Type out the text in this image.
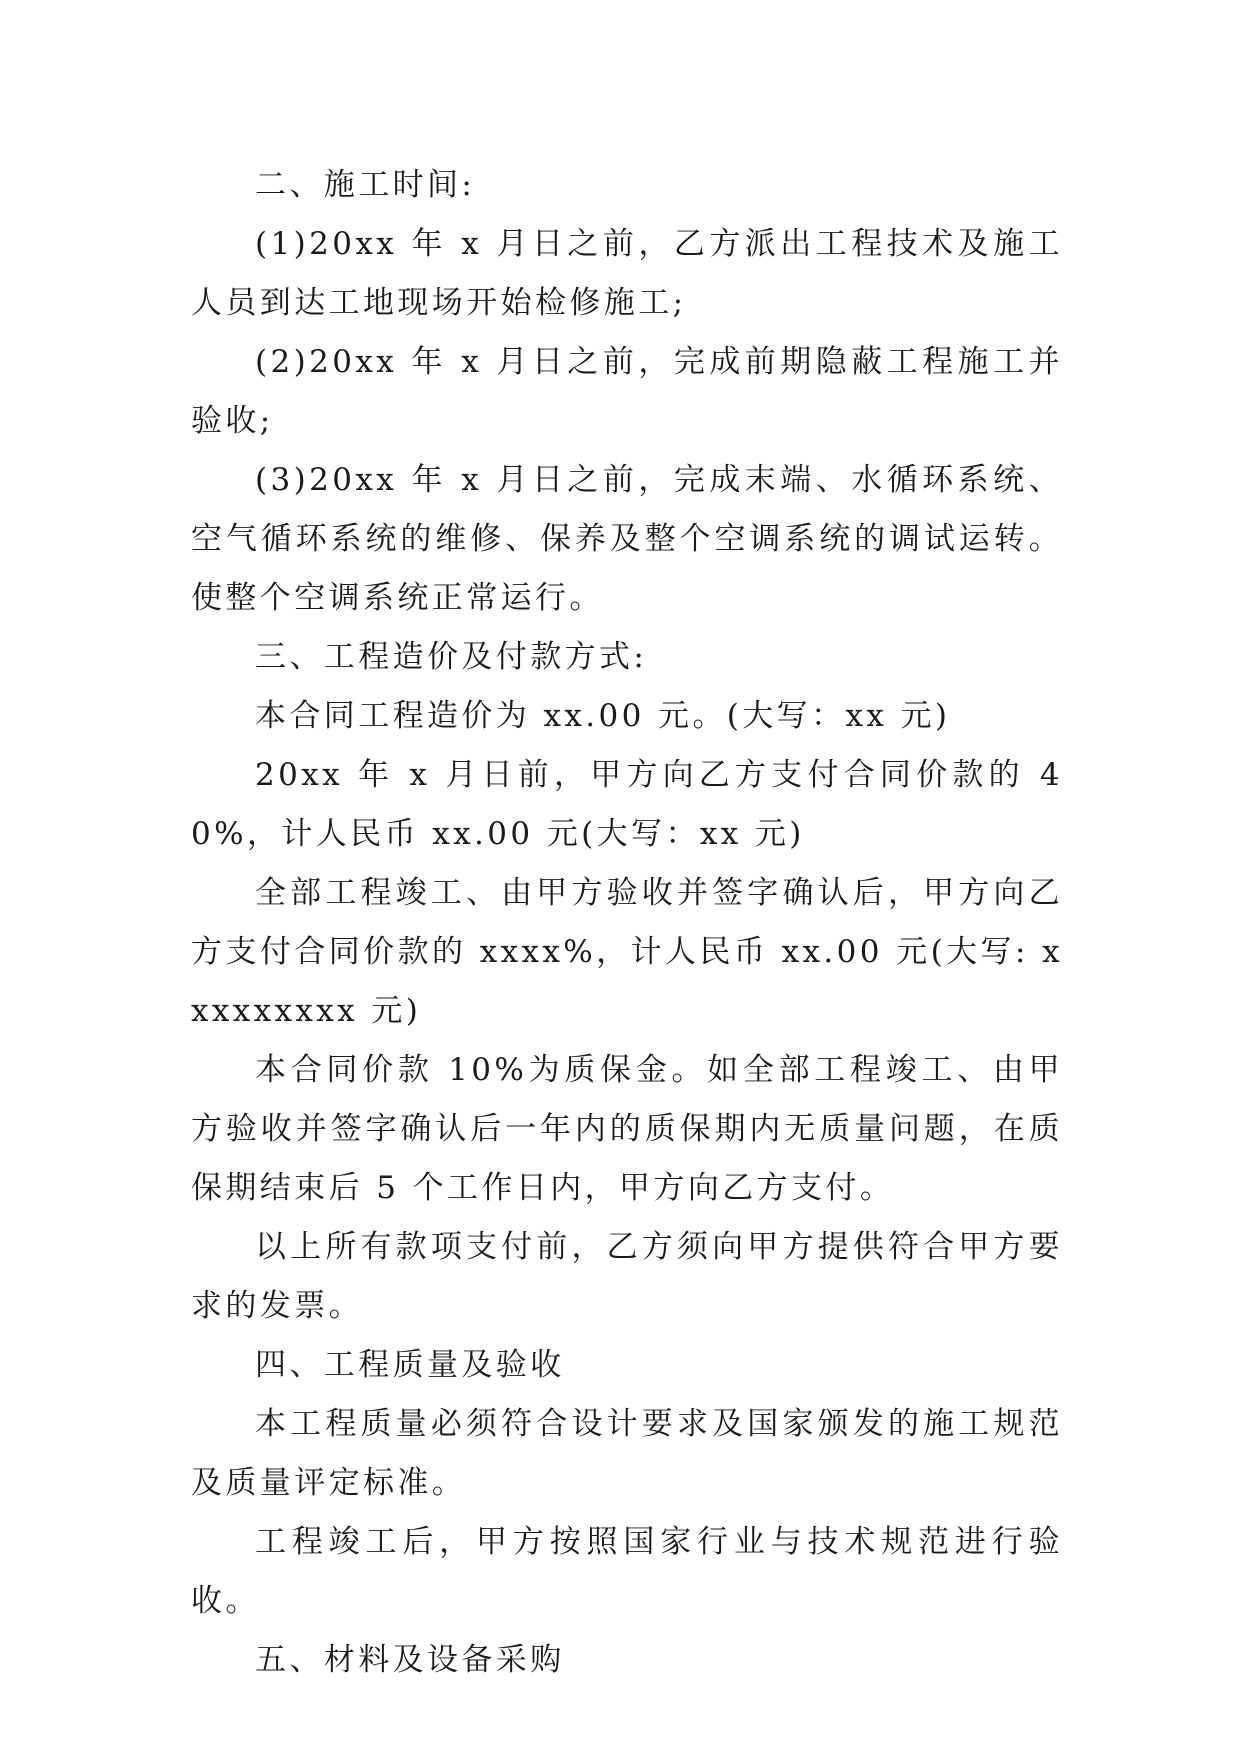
二、施工时间:

(1)20xx 年 x 月日之前，乙方派出工程技术及施工人员到达工地现场开始检修施工;

(2)20xx 年 x 月日之前，完成前期隐蔽工程施工并验收;

(3)20xx 年 x 月日之前，完成末端、水循环系统、空气循环系统的维修、保养及整个空调系统的调试运转。使整个空调系统正常运行。

三、工程造价及付款方式:

本合同工程造价为 xx.00 元。(大写：xx 元)

20xx 年 x 月日前，甲方向乙方支付合同价款的 40%，计人民币 xx.00 元(大写：xx 元)

全部工程竣工、由甲方验收并签字确认后，甲方向乙方支付合同价款的 xxxx%，计人民币 xx.00 元(大写: xxxxxxxxx 元)

本合同价款 10%为质保金。如全部工程竣工、由甲方验收并签字确认后一年内的质保期内无质量问题，在质保期结束后 5 个工作日内，甲方向乙方支付。

以上所有款项支付前，乙方须向甲方提供符合甲方要求的发票。

四、工程质量及验收

本工程质量必须符合设计要求及国家颁发的施工规范及质量评定标准。

工程竣工后，甲方按照国家行业与技术规范进行验收。

五、材料及设备采购
